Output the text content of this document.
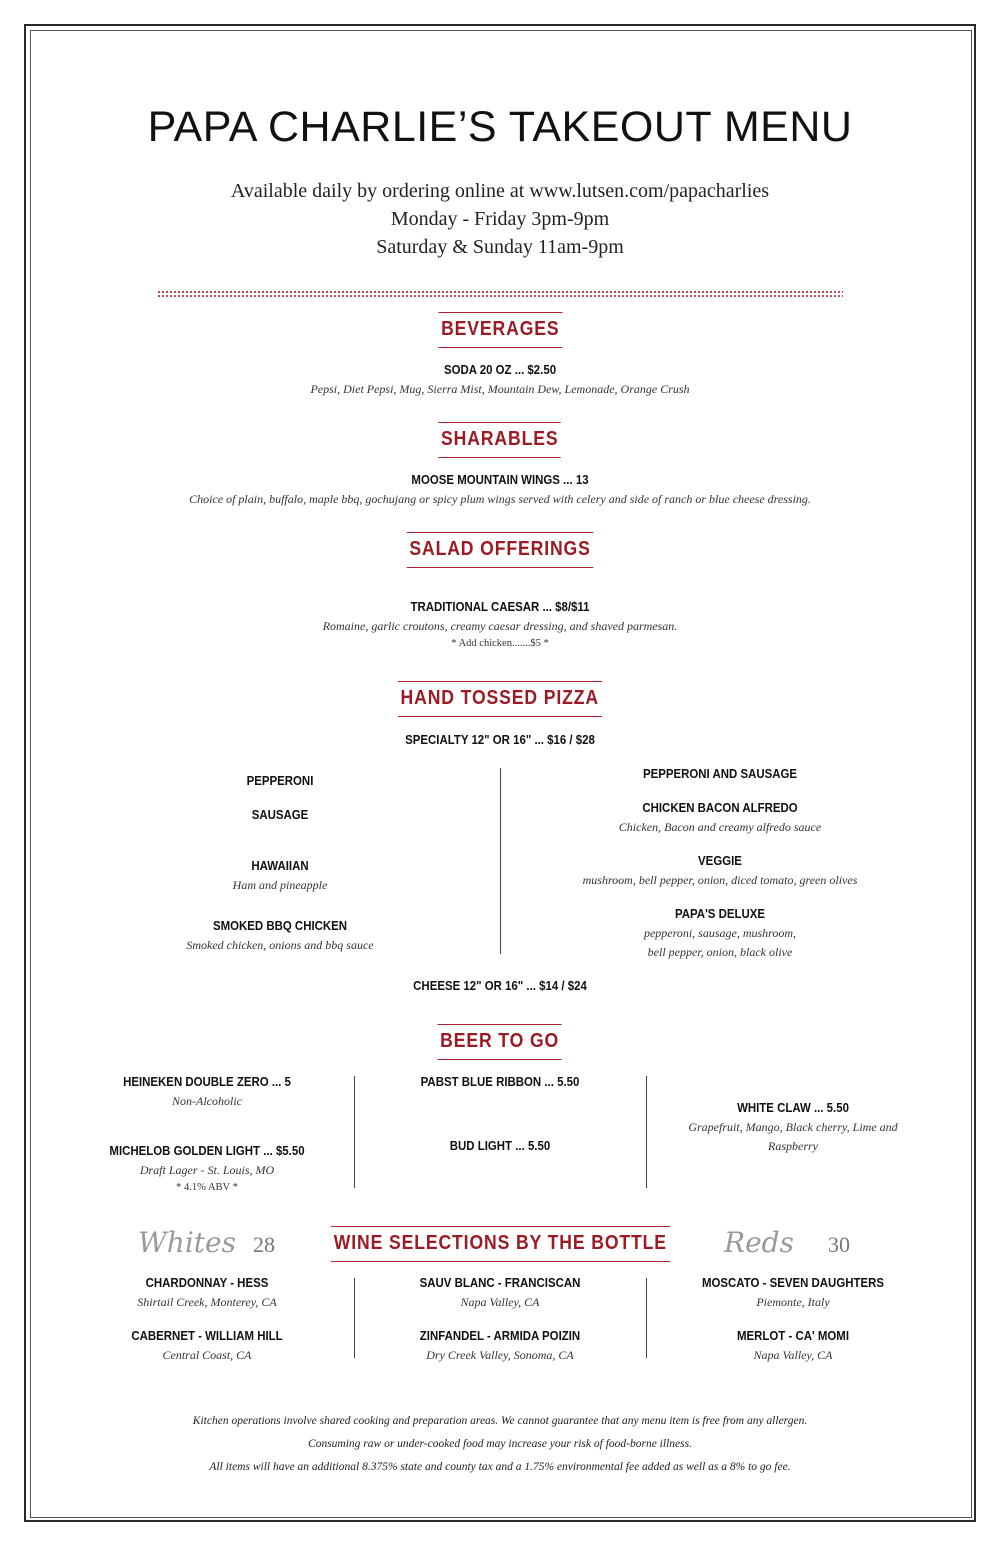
PAPA CHARLIE’S TAKEOUT MENU
Available daily by ordering online at www.lutsen.com/papacharlies
Monday - Friday 3pm-9pm
Saturday & Sunday 11am-9pm
BEVERAGES
SODA 20 OZ ... $2.50
Pepsi, Diet Pepsi, Mug, Sierra Mist, Mountain Dew, Lemonade, Orange Crush
SHARABLES
MOOSE MOUNTAIN WINGS ... 13
Choice of plain, buffalo, maple bbq, gochujang or spicy plum wings served with celery and side of ranch or blue cheese dressing.
SALAD OFFERINGS
TRADITIONAL CAESAR ... $8/$11
Romaine, garlic croutons, creamy caesar dressing, and shaved parmesan.
* Add chicken.......$5 *
HAND TOSSED PIZZA
SPECIALTY 12" OR 16" ... $16 / $28
PEPPERONI
SAUSAGE
HAWAIIAN
Ham and pineapple
SMOKED BBQ CHICKEN
Smoked chicken, onions and bbq sauce
PEPPERONI AND SAUSAGE
CHICKEN BACON ALFREDO
Chicken, Bacon and creamy alfredo sauce
VEGGIE
mushroom, bell pepper, onion, diced tomato, green olives
PAPA'S DELUXE
pepperoni, sausage, mushroom,
bell pepper, onion, black olive
CHEESE 12" OR 16" ... $14 / $24
BEER TO GO
HEINEKEN DOUBLE ZERO ... 5
Non-Alcoholic
MICHELOB GOLDEN LIGHT ... $5.50
Draft Lager - St. Louis, MO
* 4.1% ABV *
PABST BLUE RIBBON ... 5.50
BUD LIGHT ... 5.50
WHITE CLAW ... 5.50
Grapefruit, Mango, Black cherry, Lime and
Raspberry
Whites 28	WINE SELECTIONS BY THE BOTTLE	Reds 30
CHARDONNAY - HESS
Shirtail Creek, Monterey, CA
CABERNET - WILLIAM HILL
Central Coast, CA
SAUV BLANC - FRANCISCAN
Napa Valley, CA
ZINFANDEL - ARMIDA POIZIN
Dry Creek Valley, Sonoma, CA
MOSCATO - SEVEN DAUGHTERS
Piemonte, Italy
MERLOT - CA' MOMI
Napa Valley, CA
Kitchen operations involve shared cooking and preparation areas. We cannot guarantee that any menu item is free from any allergen.
Consuming raw or under-cooked food may increase your risk of food-borne illness.
All items will have an additional 8.375% state and county tax and a 1.75% environmental fee added as well as a 8% to go fee.
